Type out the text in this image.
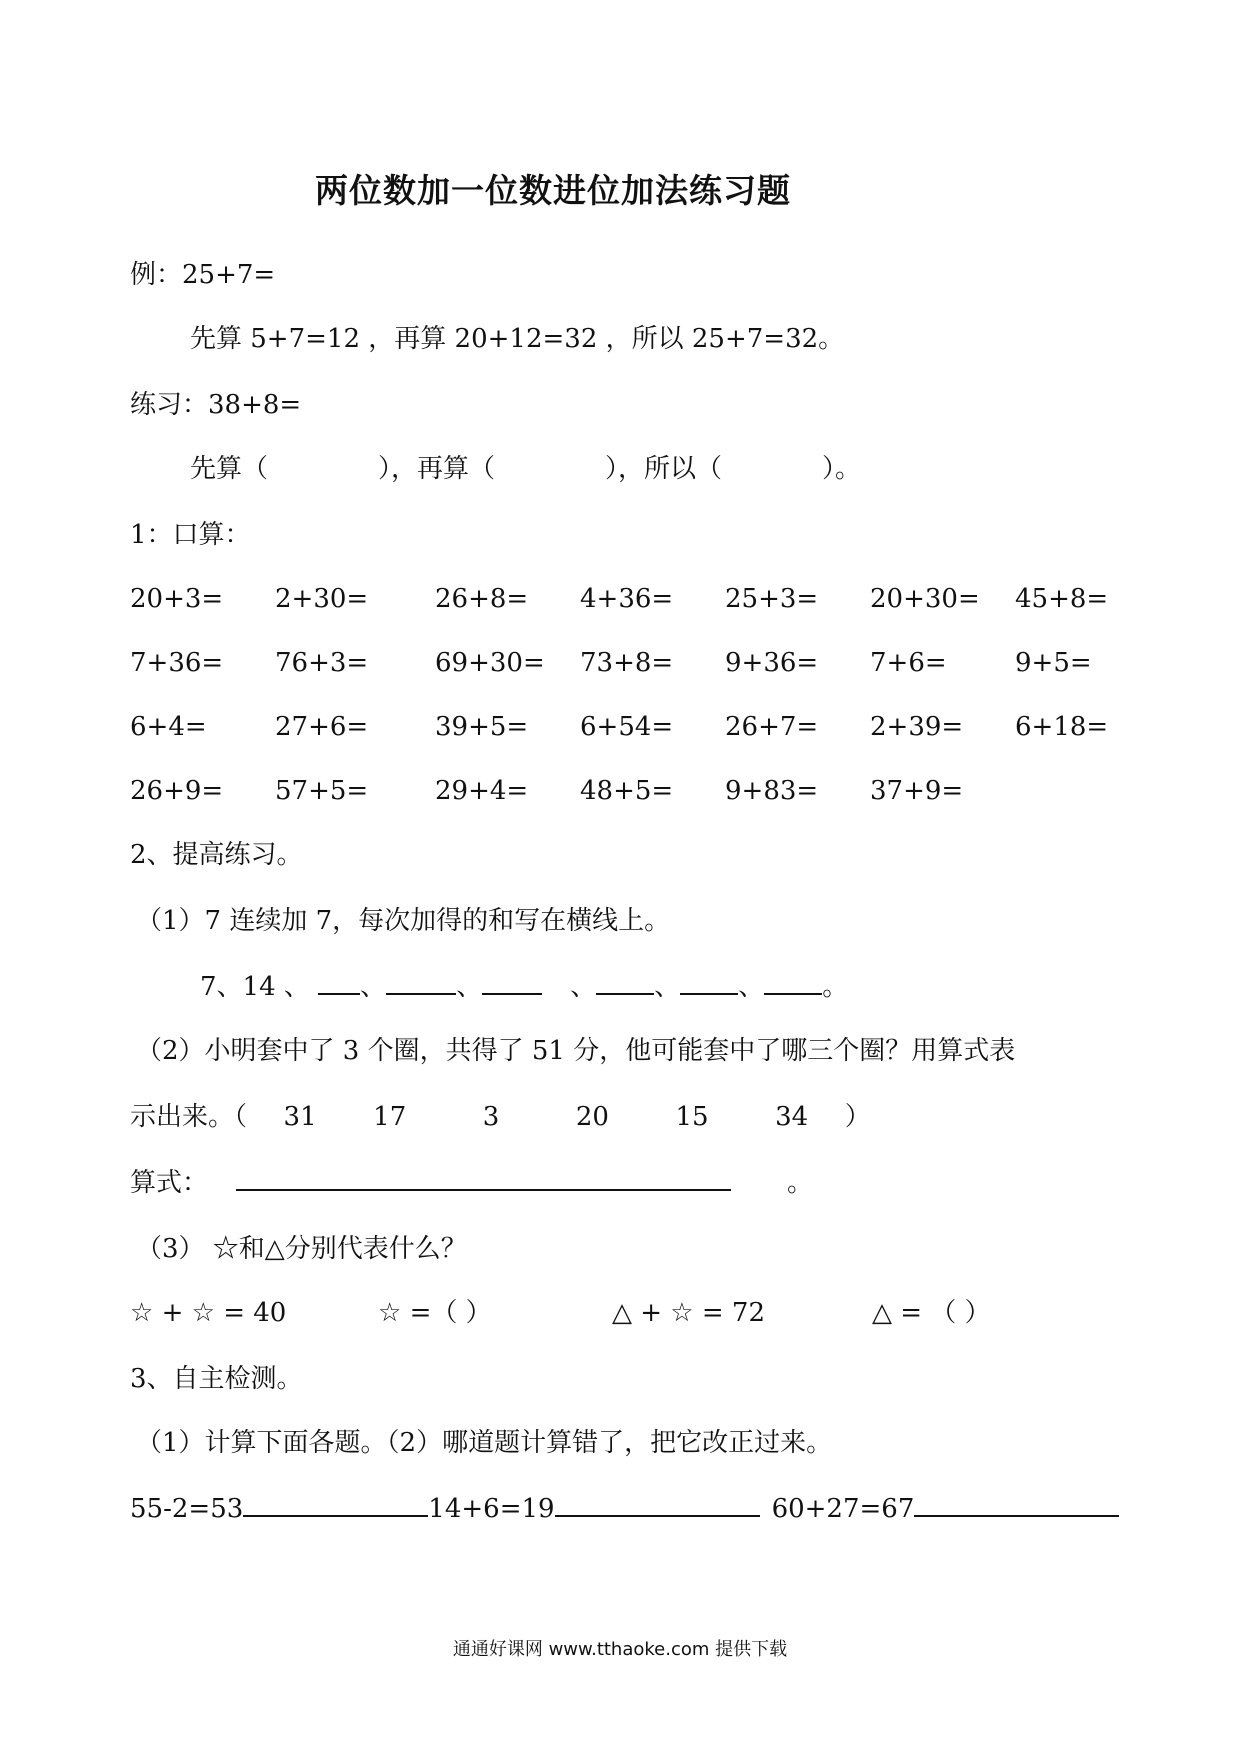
两位数加一位数进位加法练习题
例：25+7=
先算 5+7=12 ，再算 20+12=32 ，所以 25+7=32。
练习：38+8=
先算（	），再算（	），所以（	）。
1：口算：
20+3= 2+30=	26+8= 4+36= 25+3= 20+30= 45+8=
7+36= 76+3=	69+30= 73+8= 9+36= 7+6=	9+5=
6+4=	27+6=	39+5= 6+54= 26+7= 2+39= 6+18=
26+9= 57+5=	29+4= 48+5= 9+83= 37+9=
2、提高练习。
（1）7 连续加 7，每次加得的和写在横线上。
7、14 、 、	、	、 、 、 。
（2）小明套中了 3 个圈，共得了 51 分，他可能套中了哪三个圈？用算式表
示出来。（ 31 17	3	20	15	34 ）
算式：	。
（3） ☆和△分别代表什么？
☆ + ☆ = 40	☆ =（ ）	△ + ☆ = 72	△ = （ ）
3、自主检测。
（1）计算下面各题。（2）哪道题计算错了，把它改正过来。
55-2=53	14+6=19	60+27=67
通通好课网 www.tthaoke.com 提供下载
